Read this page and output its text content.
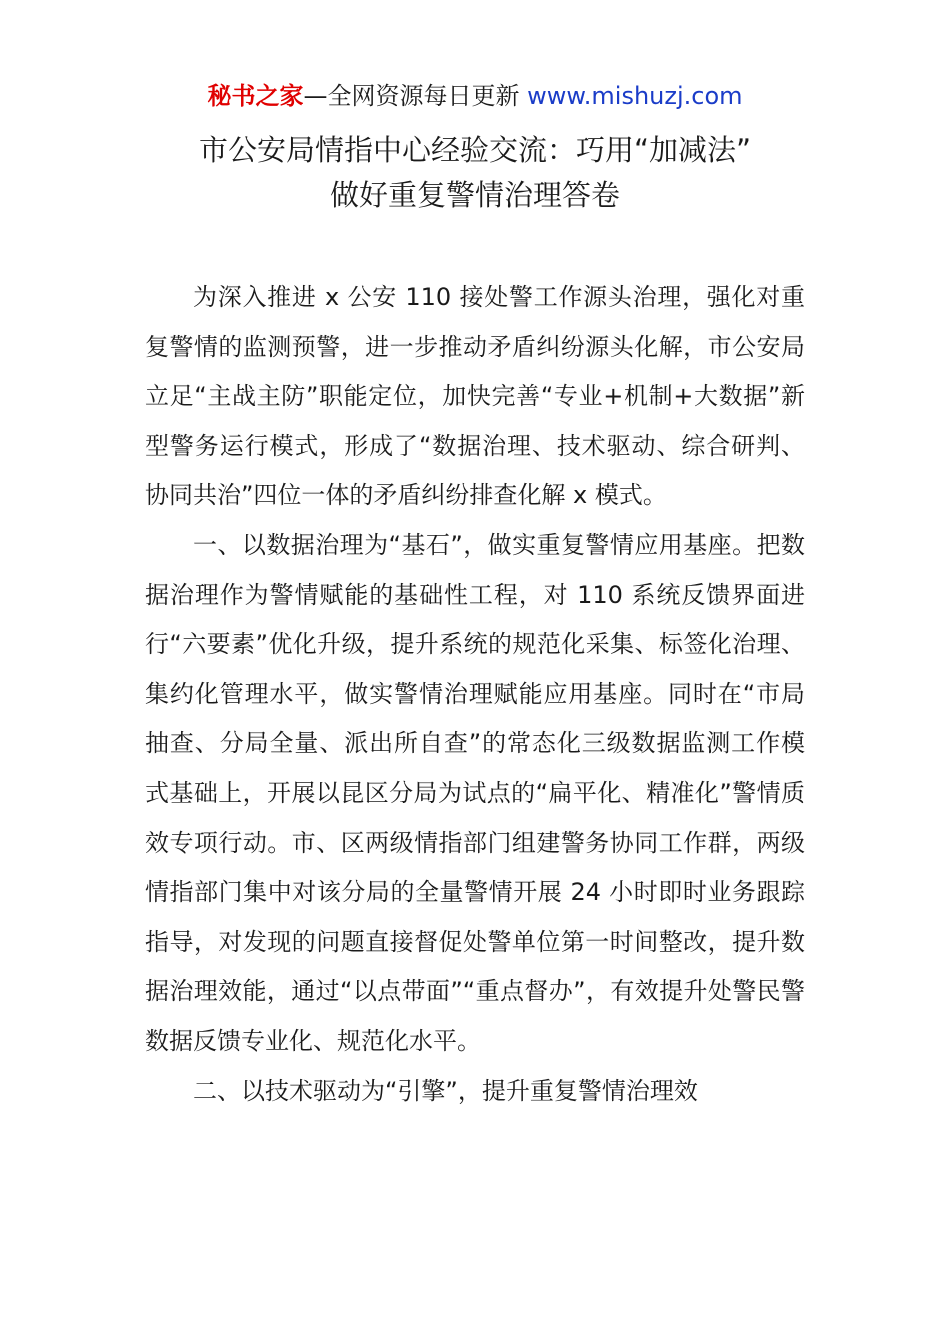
秘书之家—全网资源每日更新 www.mishuzj.com
市公安局情指中心经验交流：巧用“加减法”
做好重复警情治理答卷

为深入推进 x 公安 110 接处警工作源头治理，强化对重复警情的监测预警，进一步推动矛盾纠纷源头化解，市公安局立足“主战主防”职能定位，加快完善“专业+机制+大数据”新型警务运行模式，形成了“数据治理、技术驱动、综合研判、协同共治”四位一体的矛盾纠纷排查化解 x 模式。

一、以数据治理为“基石”，做实重复警情应用基座。把数据治理作为警情赋能的基础性工程，对 110 系统反馈界面进行“六要素”优化升级，提升系统的规范化采集、标签化治理、集约化管理水平，做实警情治理赋能应用基座。同时在“市局抽查、分局全量、派出所自查”的常态化三级数据监测工作模式基础上，开展以昆区分局为试点的“扁平化、精准化”警情质效专项行动。市、区两级情指部门组建警务协同工作群，两级情指部门集中对该分局的全量警情开展 24 小时即时业务跟踪指导，对发现的问题直接督促处警单位第一时间整改，提升数据治理效能，通过“以点带面”“重点督办”，有效提升处警民警数据反馈专业化、规范化水平。

二、以技术驱动为“引擎”，提升重复警情治理效
